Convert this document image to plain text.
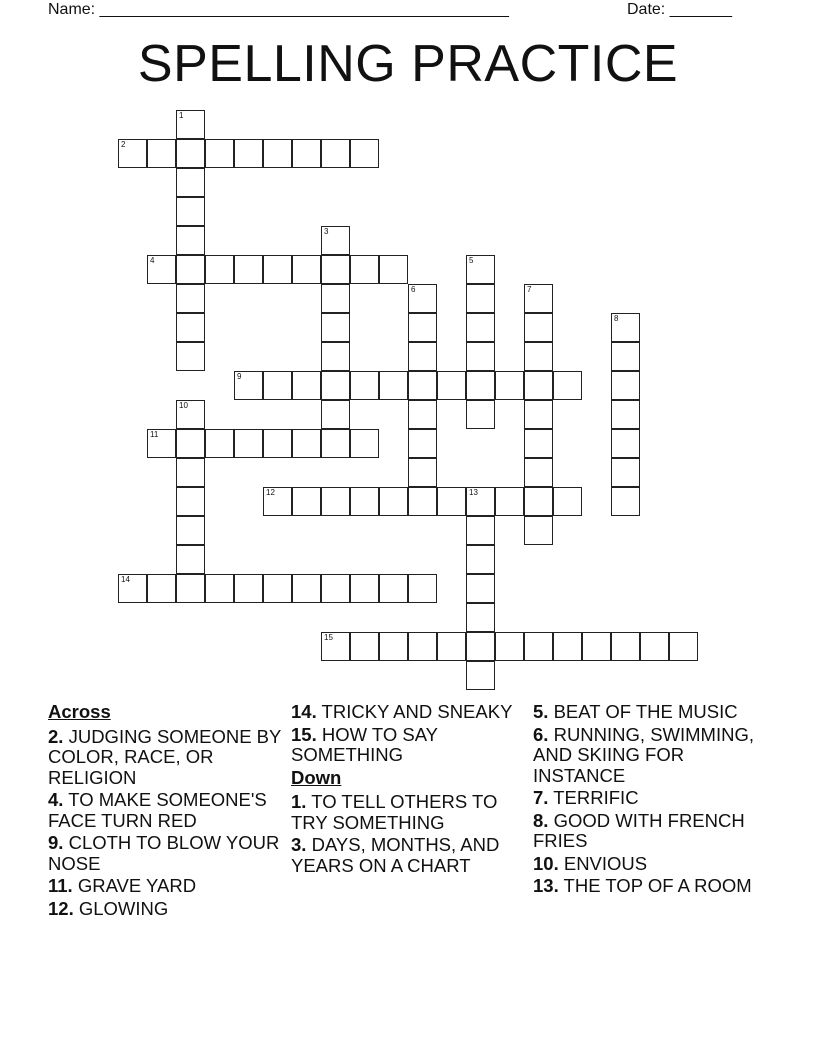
Name: ______________________________________________	Date: _______
SPELLING PRACTICE
1
2
3
4	5
6	7
8
9
10
11
12	13
14
15
Across
2. JUDGING SOMEONE BY COLOR, RACE, OR RELIGION
4. TO MAKE SOMEONE'S FACE TURN RED
9. CLOTH TO BLOW YOUR NOSE
11. GRAVE YARD
12. GLOWING
14. TRICKY AND SNEAKY
15. HOW TO SAY SOMETHING
Down
1. TO TELL OTHERS TO TRY SOMETHING
3. DAYS, MONTHS, AND YEARS ON A CHART
5. BEAT OF THE MUSIC
6. RUNNING, SWIMMING, AND SKIING FOR INSTANCE
7. TERRIFIC
8. GOOD WITH FRENCH FRIES
10. ENVIOUS
13. THE TOP OF A ROOM
